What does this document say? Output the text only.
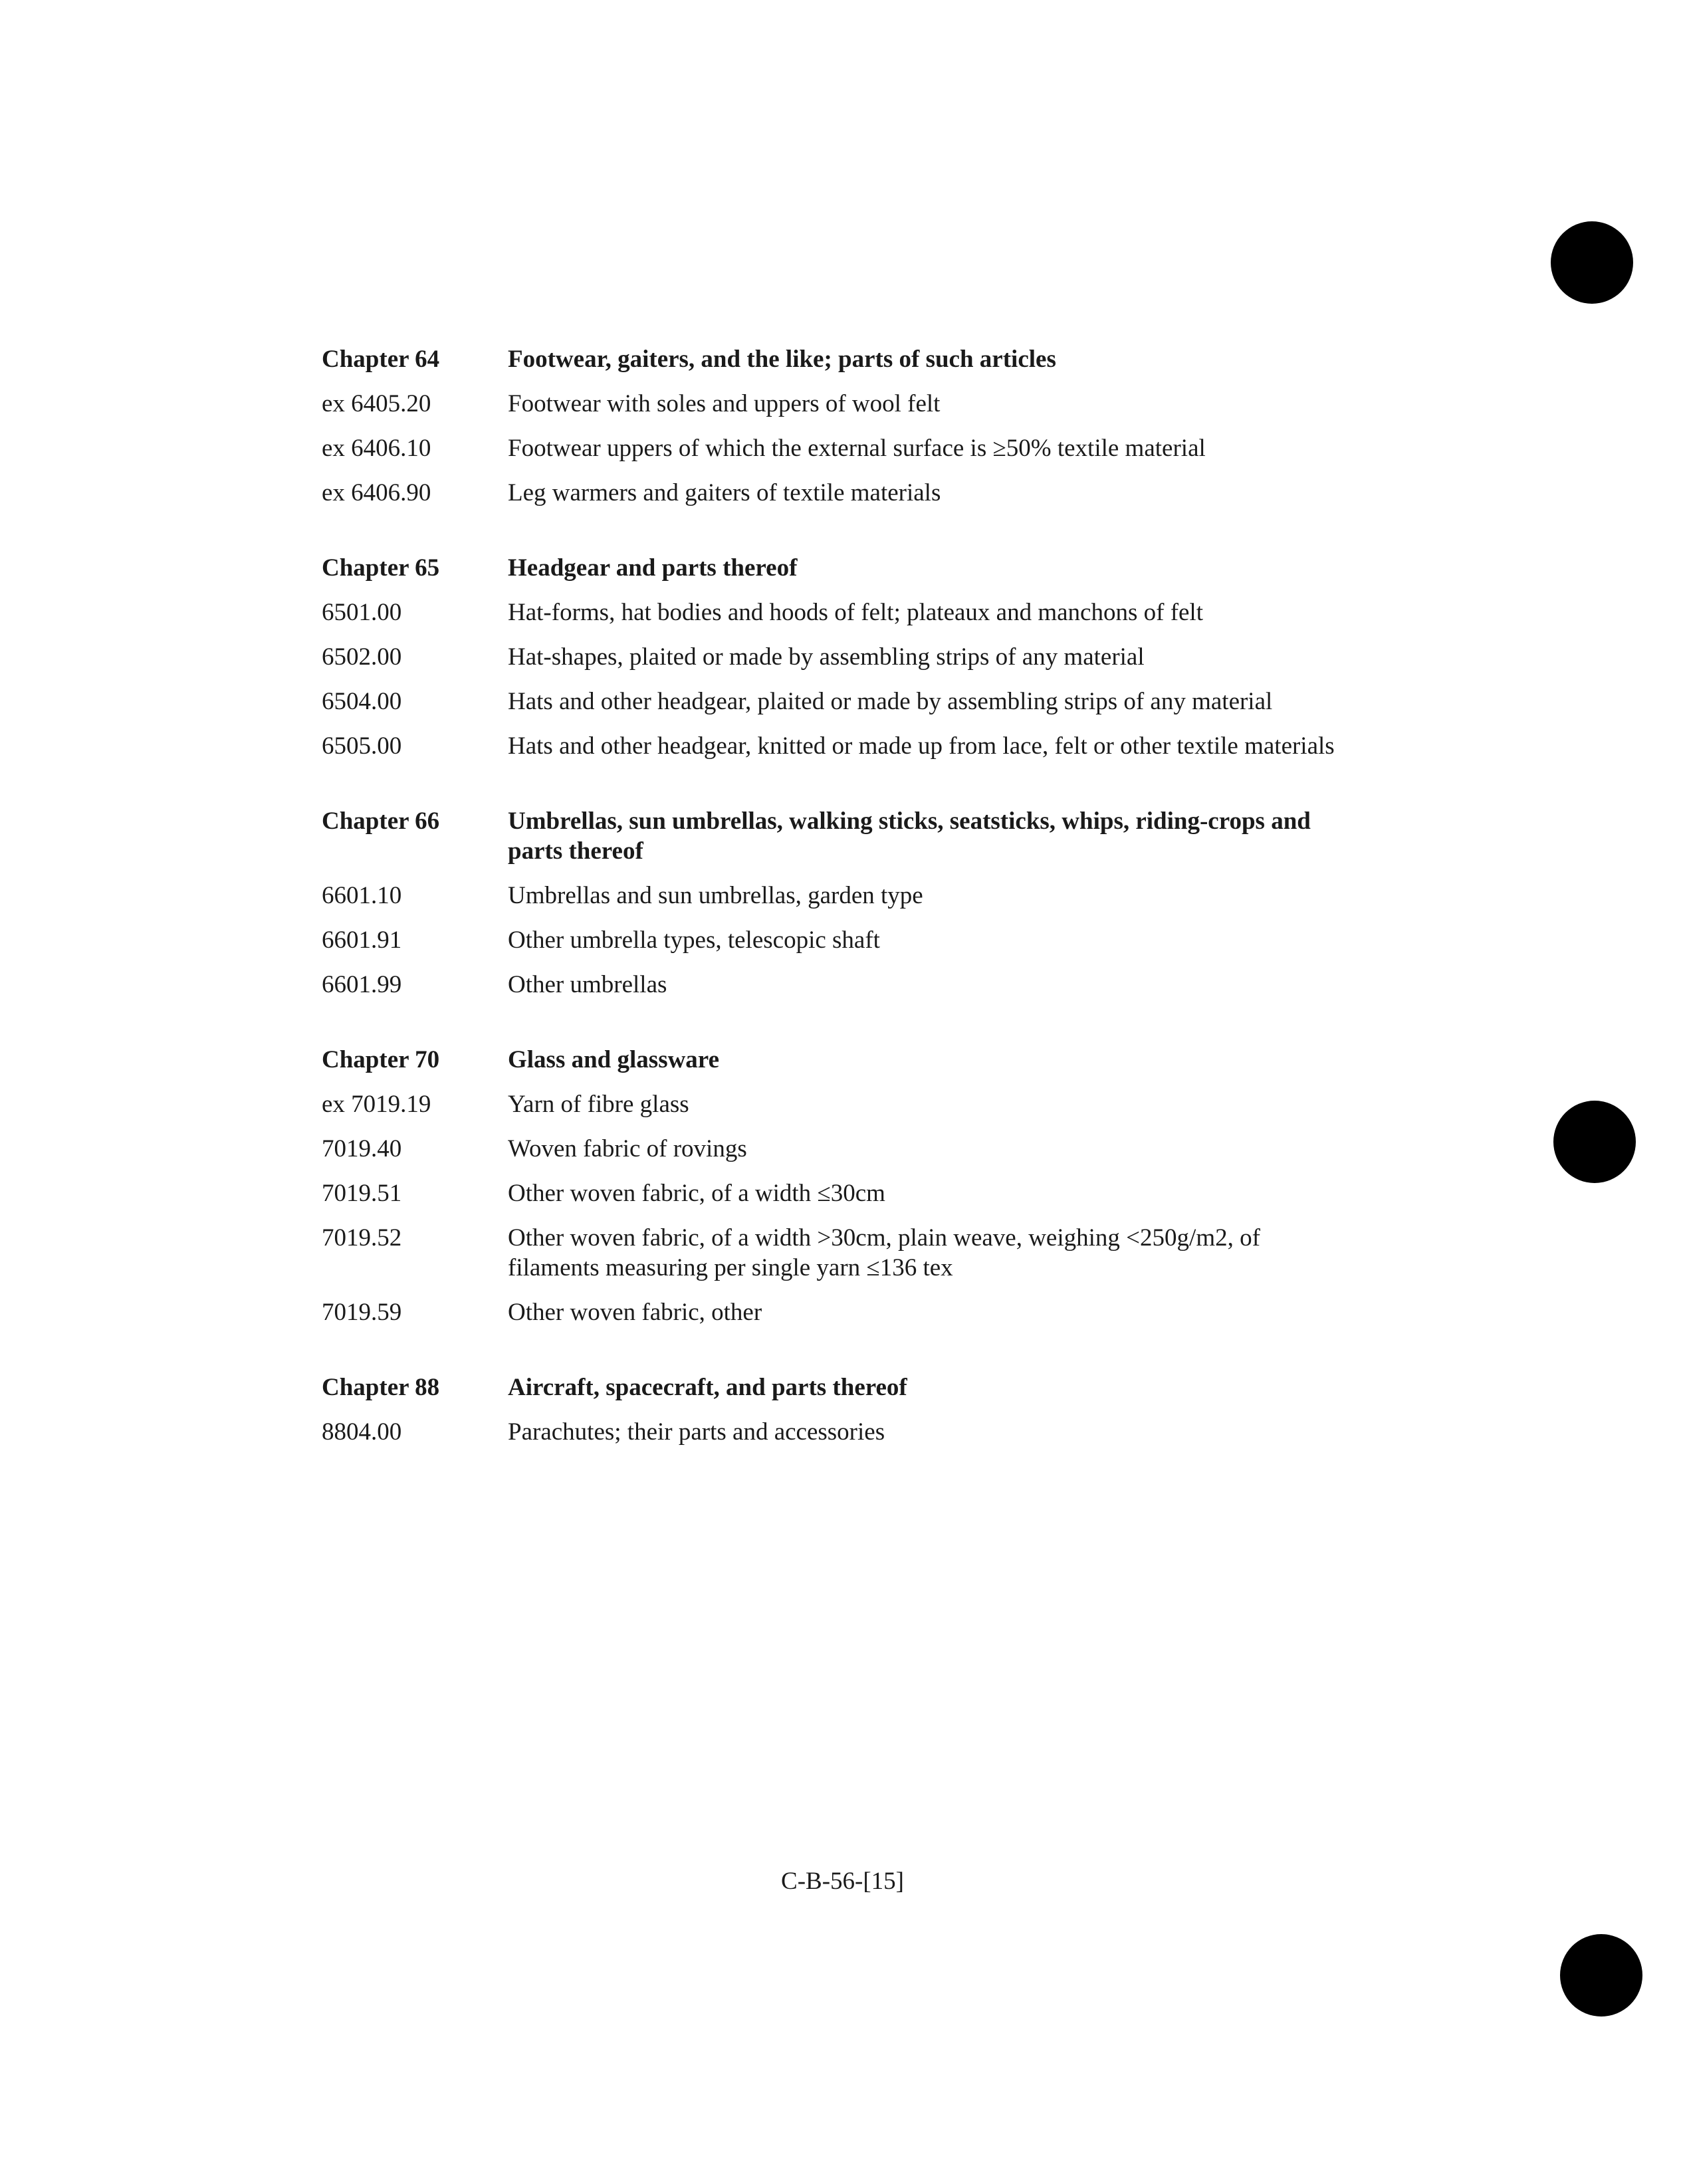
Chapter 64	Footwear, gaiters, and the like; parts of such articles
ex 6405.20	Footwear with soles and uppers of wool felt
ex 6406.10	Footwear uppers of which the external surface is ≥50% textile material
ex 6406.90	Leg warmers and gaiters of textile materials
Chapter 65	Headgear and parts thereof
6501.00	Hat-forms, hat bodies and hoods of felt; plateaux and manchons of felt
6502.00	Hat-shapes, plaited or made by assembling strips of any material
6504.00	Hats and other headgear, plaited or made by assembling strips of any material
6505.00	Hats and other headgear, knitted or made up from lace, felt or other textile materials
Chapter 66	Umbrellas, sun umbrellas, walking sticks, seatsticks, whips, riding-crops and parts thereof
6601.10	Umbrellas and sun umbrellas, garden type
6601.91	Other umbrella types, telescopic shaft
6601.99	Other umbrellas
Chapter 70	Glass and glassware
ex 7019.19	Yarn of fibre glass
7019.40	Woven fabric of rovings
7019.51	Other woven fabric, of a width ≤30cm
7019.52	Other woven fabric, of a width >30cm, plain weave, weighing <250g/m2, of filaments measuring per single yarn ≤136 tex
7019.59	Other woven fabric, other
Chapter 88	Aircraft, spacecraft, and parts thereof
8804.00	Parachutes; their parts and accessories
C-B-56-[15]
